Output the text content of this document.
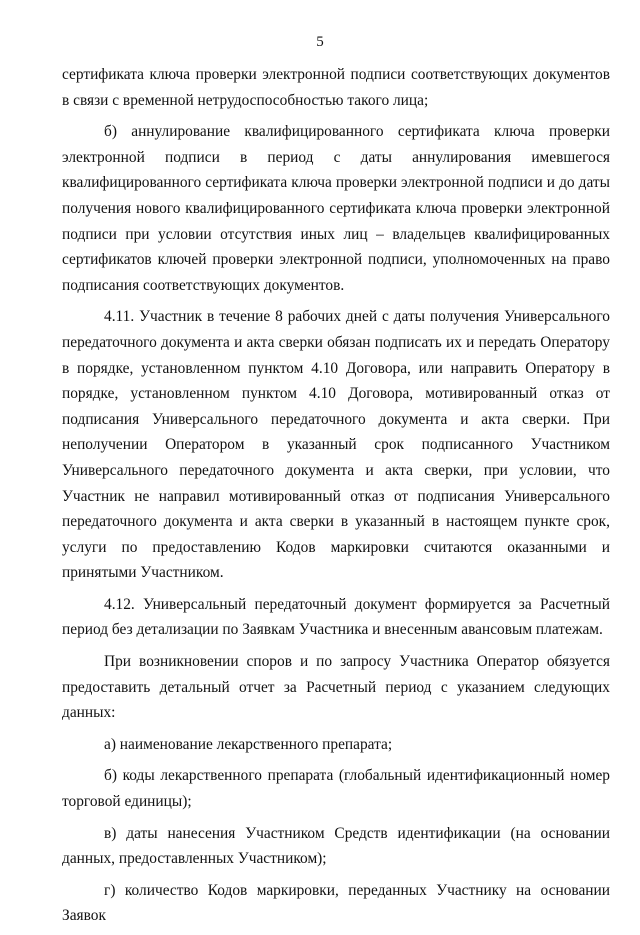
5

сертификата ключа проверки электронной подписи соответствующих документов в связи с временной нетрудоспособностью такого лица;

б) аннулирование квалифицированного сертификата ключа проверки электронной подписи в период с даты аннулирования имевшегося квалифицированного сертификата ключа проверки электронной подписи и до даты получения нового квалифицированного сертификата ключа проверки электронной подписи при условии отсутствия иных лиц – владельцев квалифицированных сертификатов ключей проверки электронной подписи, уполномоченных на право подписания соответствующих документов.

4.11. Участник в течение 8 рабочих дней с даты получения Универсального передаточного документа и акта сверки обязан подписать их и передать Оператору в порядке, установленном пунктом 4.10 Договора, или направить Оператору в порядке, установленном пунктом 4.10 Договора, мотивированный отказ от подписания Универсального передаточного документа и акта сверки. При неполучении Оператором в указанный срок подписанного Участником Универсального передаточного документа и акта сверки, при условии, что Участник не направил мотивированный отказ от подписания Универсального передаточного документа и акта сверки в указанный в настоящем пункте срок, услуги по предоставлению Кодов маркировки считаются оказанными и принятыми Участником.

4.12. Универсальный передаточный документ формируется за Расчетный период без детализации по Заявкам Участника и внесенным авансовым платежам.

При возникновении споров и по запросу Участника Оператор обязуется предоставить детальный отчет за Расчетный период с указанием следующих данных:

а) наименование лекарственного препарата;

б) коды лекарственного препарата (глобальный идентификационный номер торговой единицы);

в) даты нанесения Участником Средств идентификации (на основании данных, предоставленных Участником);

г) количество Кодов маркировки, переданных Участнику на основании Заявок
